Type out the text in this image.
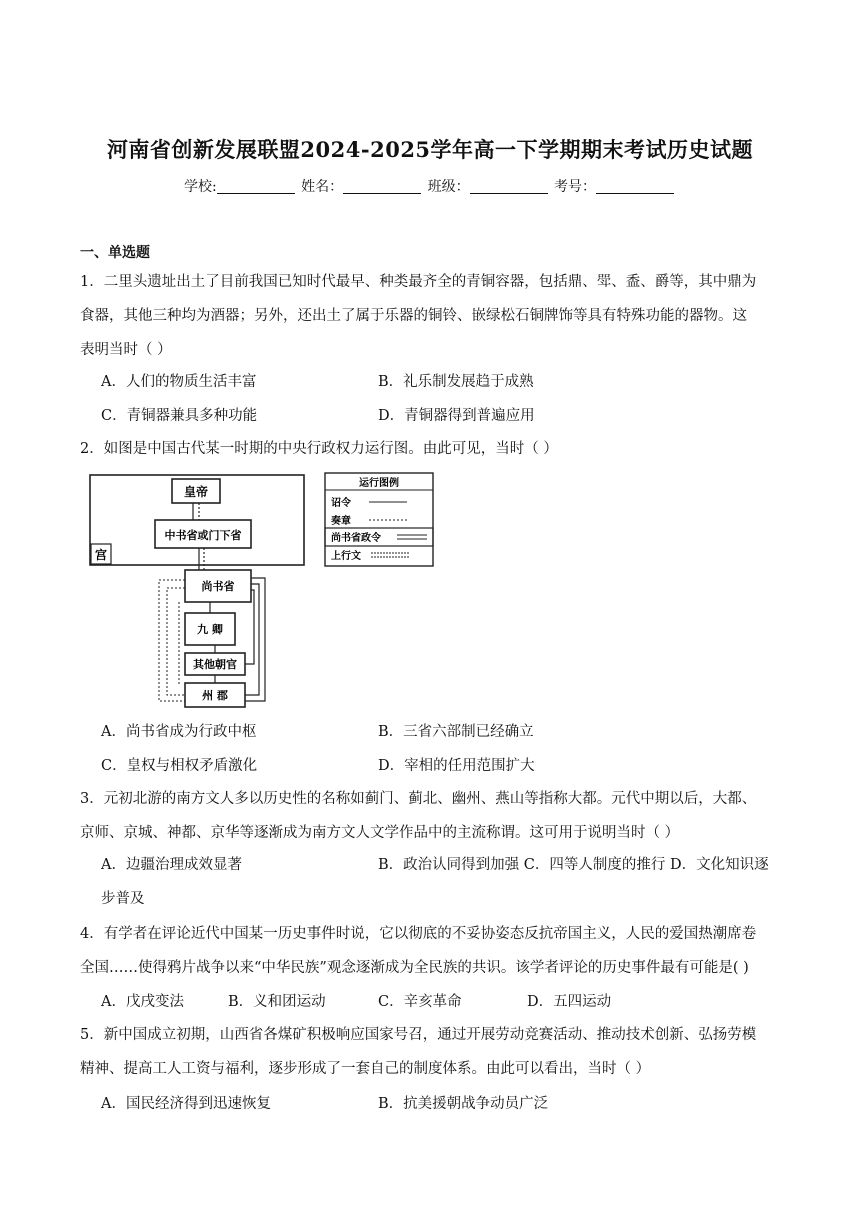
河南省创新发展联盟2024-2025学年高一下学期期末考试历史试题
学校:	姓名：	班级：	考号：
一、单选题
1．二里头遗址出土了目前我国已知时代最早、种类最齐全的青铜容器，包括鼎、斝、盉、爵等，其中鼎为
食器，其他三种均为酒器；另外，还出土了属于乐器的铜铃、嵌绿松石铜牌饰等具有特殊功能的器物。这
表明当时（ ）
A．人们的物质生活丰富	B．礼乐制发展趋于成熟
C．青铜器兼具多种功能	D．青铜器得到普遍应用
2．如图是中国古代某一时期的中央行政权力运行图。由此可见，当时（ ）
宫
皇帝
中书省或门下省
尚书省
九 卿
其他朝官
州 郡
运行图例
诏令
奏章
尚书省政令
上行文
A．尚书省成为行政中枢	B．三省六部制已经确立
C．皇权与相权矛盾激化	D．宰相的任用范围扩大
3．元初北游的南方文人多以历史性的名称如蓟门、蓟北、幽州、燕山等指称大都。元代中期以后，大都、
京师、京城、神都、京华等逐渐成为南方文人文学作品中的主流称谓。这可用于说明当时（ ）
A．边疆治理成效显著	B．政治认同得到加强 C．四等人制度的推行 D．文化知识逐
步普及
4．有学者在评论近代中国某一历史事件时说，它以彻底的不妥协姿态反抗帝国主义，人民的爱国热潮席卷
全国……使得鸦片战争以来“中华民族”观念逐渐成为全民族的共识。该学者评论的历史事件最有可能是( )
A．戊戌变法	B．义和团运动	C．辛亥革命	D．五四运动
5．新中国成立初期，山西省各煤矿积极响应国家号召，通过开展劳动竞赛活动、推动技术创新、弘扬劳模
精神、提高工人工资与福利，逐步形成了一套自己的制度体系。由此可以看出，当时（ ）
A．国民经济得到迅速恢复	B．抗美援朝战争动员广泛
